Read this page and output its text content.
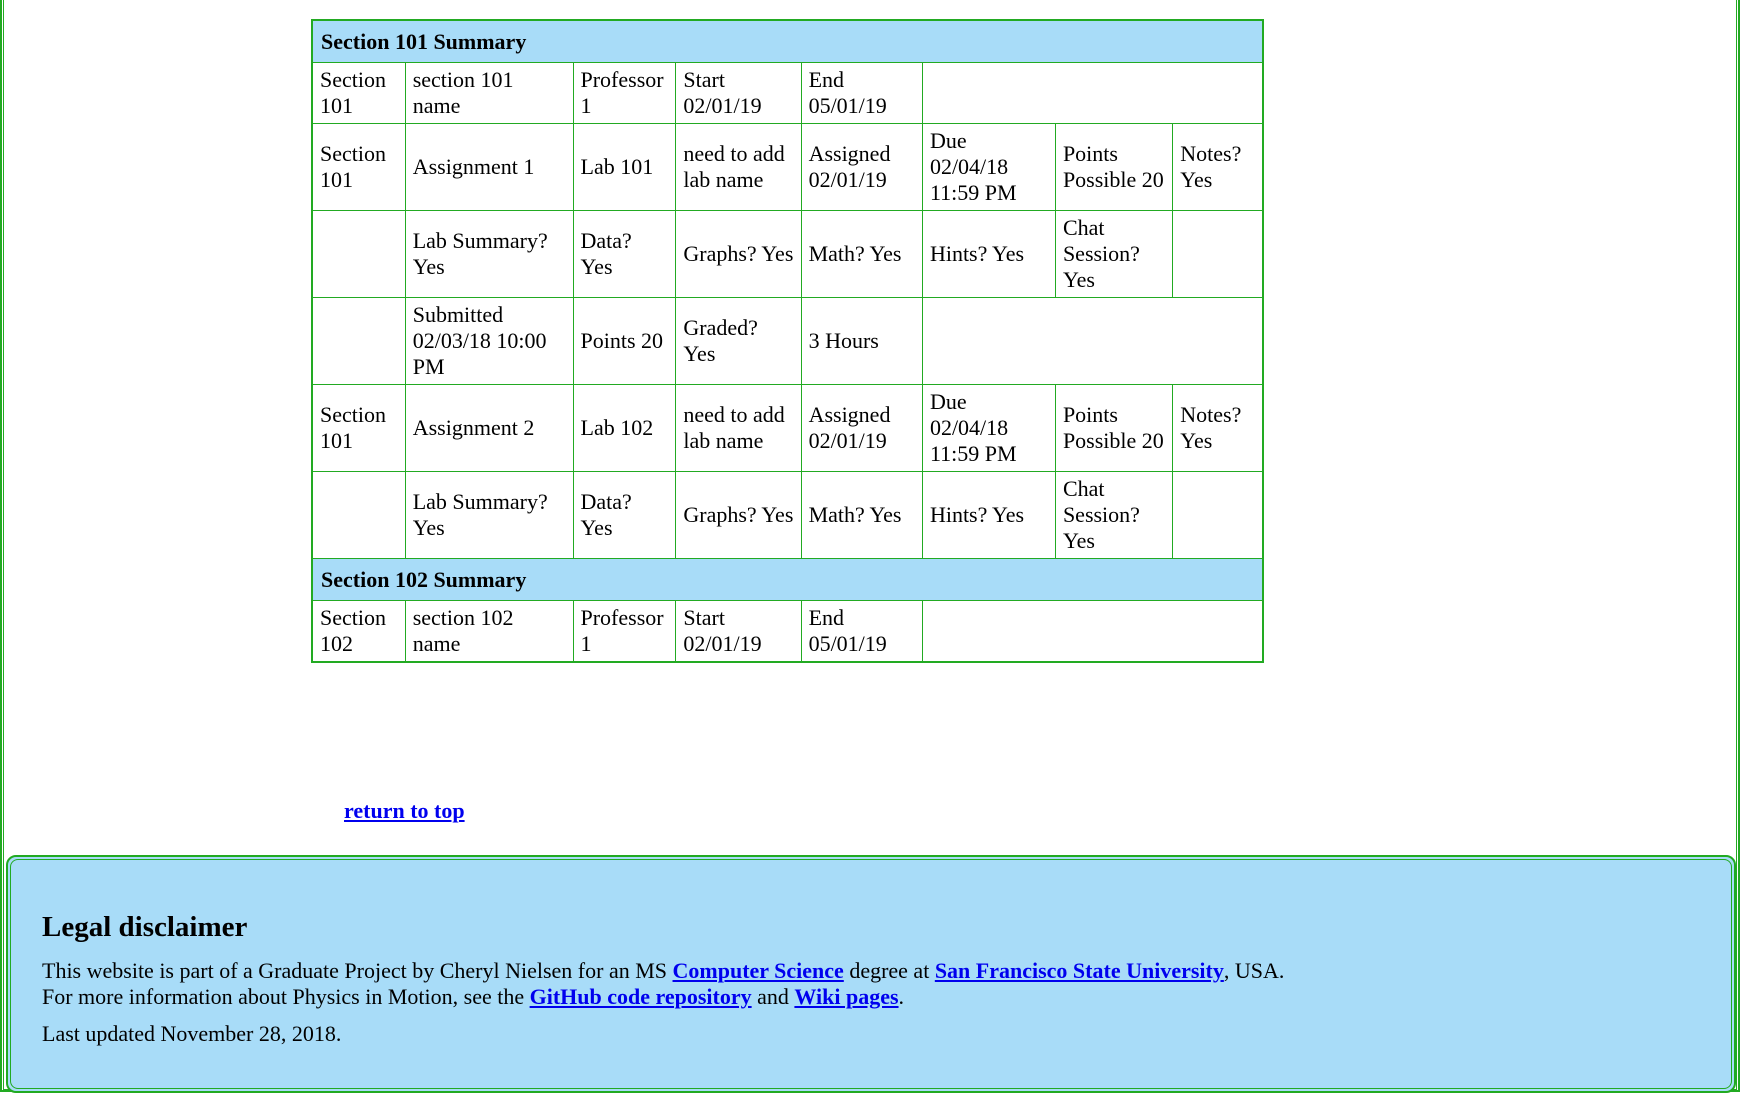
Section 101 Summary							
Section 101	section 101 name	Professor 1	Start 02/01/19	End 05/01/19			
Section 101	Assignment 1	Lab 101	need to add lab name	Assigned 02/01/19	Due 02/04/18 11:59 PM	Points Possible 20	Notes? Yes
	Lab Summary? Yes	Data? Yes	Graphs? Yes	Math? Yes	Hints? Yes	Chat Session? Yes	
	Submitted 02/03/18 10:00 PM	Points 20	Graded? Yes	3 Hours			
Section 101	Assignment 2	Lab 102	need to add lab name	Assigned 02/01/19	Due 02/04/18 11:59 PM	Points Possible 20	Notes? Yes
	Lab Summary? Yes	Data? Yes	Graphs? Yes	Math? Yes	Hints? Yes	Chat Session? Yes	
Section 102 Summary							
Section 102	section 102 name	Professor 1	Start 02/01/19	End 05/01/19			
return to top
Legal disclaimer
This website is part of a Graduate Project by Cheryl Nielsen for an MS Computer Science degree at San Francisco State University, USA.
For more information about Physics in Motion, see the GitHub code repository and Wiki pages.
Last updated November 28, 2018.
